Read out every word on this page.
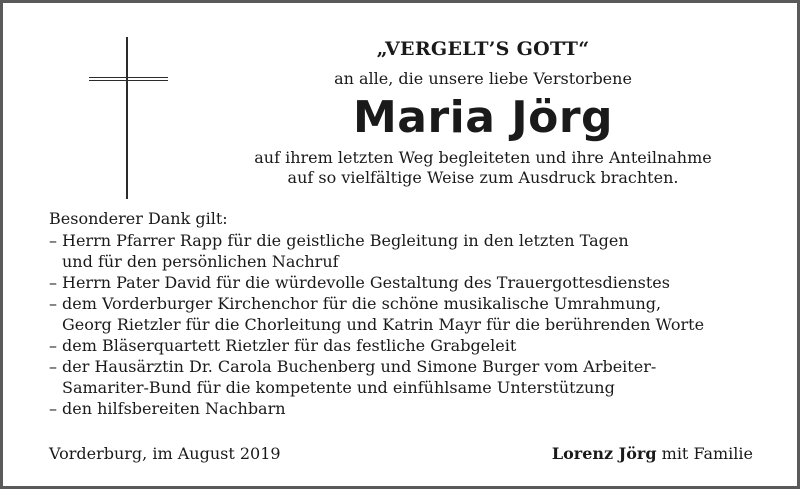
„VERGELT’S GOTT“
an alle, die unsere liebe Verstorbene
Maria Jörg
auf ihrem letzten Weg begleiteten und ihre Anteilnahme
auf so vielfältige Weise zum Ausdruck brachten.
Besonderer Dank gilt:
– Herrn Pfarrer Rapp für die geistliche Begleitung in den letzten Tagen
und für den persönlichen Nachruf
– Herrn Pater David für die würdevolle Gestaltung des Trauergottesdienstes
– dem Vorderburger Kirchenchor für die schöne musikalische Umrahmung,
Georg Rietzler für die Chorleitung und Katrin Mayr für die berührenden Worte
– dem Bläserquartett Rietzler für das festliche Grabgeleit
– der Hausärztin Dr. Carola Buchenberg und Simone Burger vom Arbeiter-
Samariter-Bund für die kompetente und einfühlsame Unterstützung
– den hilfsbereiten Nachbarn
Vorderburg, im August 2019	Lorenz Jörg mit Familie
